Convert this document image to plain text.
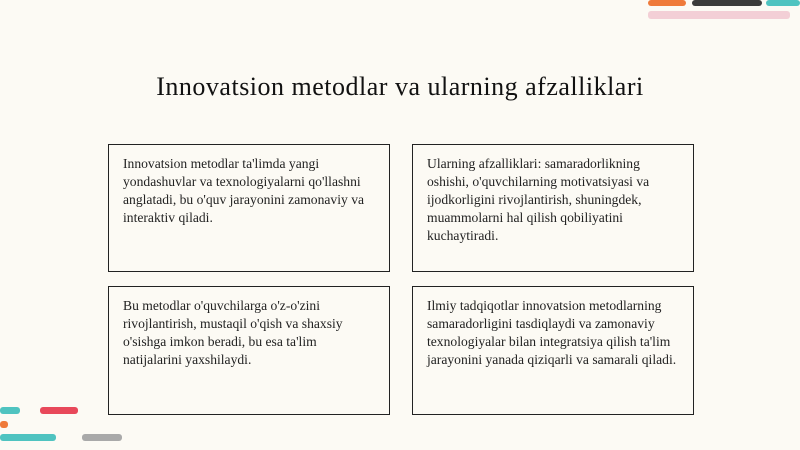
Innovatsion metodlar va ularning afzalliklari
Innovatsion metodlar ta'limda yangi yondashuvlar va texnologiyalarni qo'llashni anglatadi, bu o'quv jarayonini zamonaviy va interaktiv qiladi.
Ularning afzalliklari: samaradorlikning oshishi, o'quvchilarning motivatsiyasi va ijodkorligini rivojlantirish, shuningdek, muammolarni hal qilish qobiliyatini kuchaytiradi.
Bu metodlar o'quvchilarga o'z-o'zini rivojlantirish, mustaqil o'qish va shaxsiy o'sishga imkon beradi, bu esa ta'lim natijalarini yaxshilaydi.
Ilmiy tadqiqotlar innovatsion metodlarning samaradorligini tasdiqlaydi va zamonaviy texnologiyalar bilan integratsiya qilish ta'lim jarayonini yanada qiziqarli va samarali qiladi.
